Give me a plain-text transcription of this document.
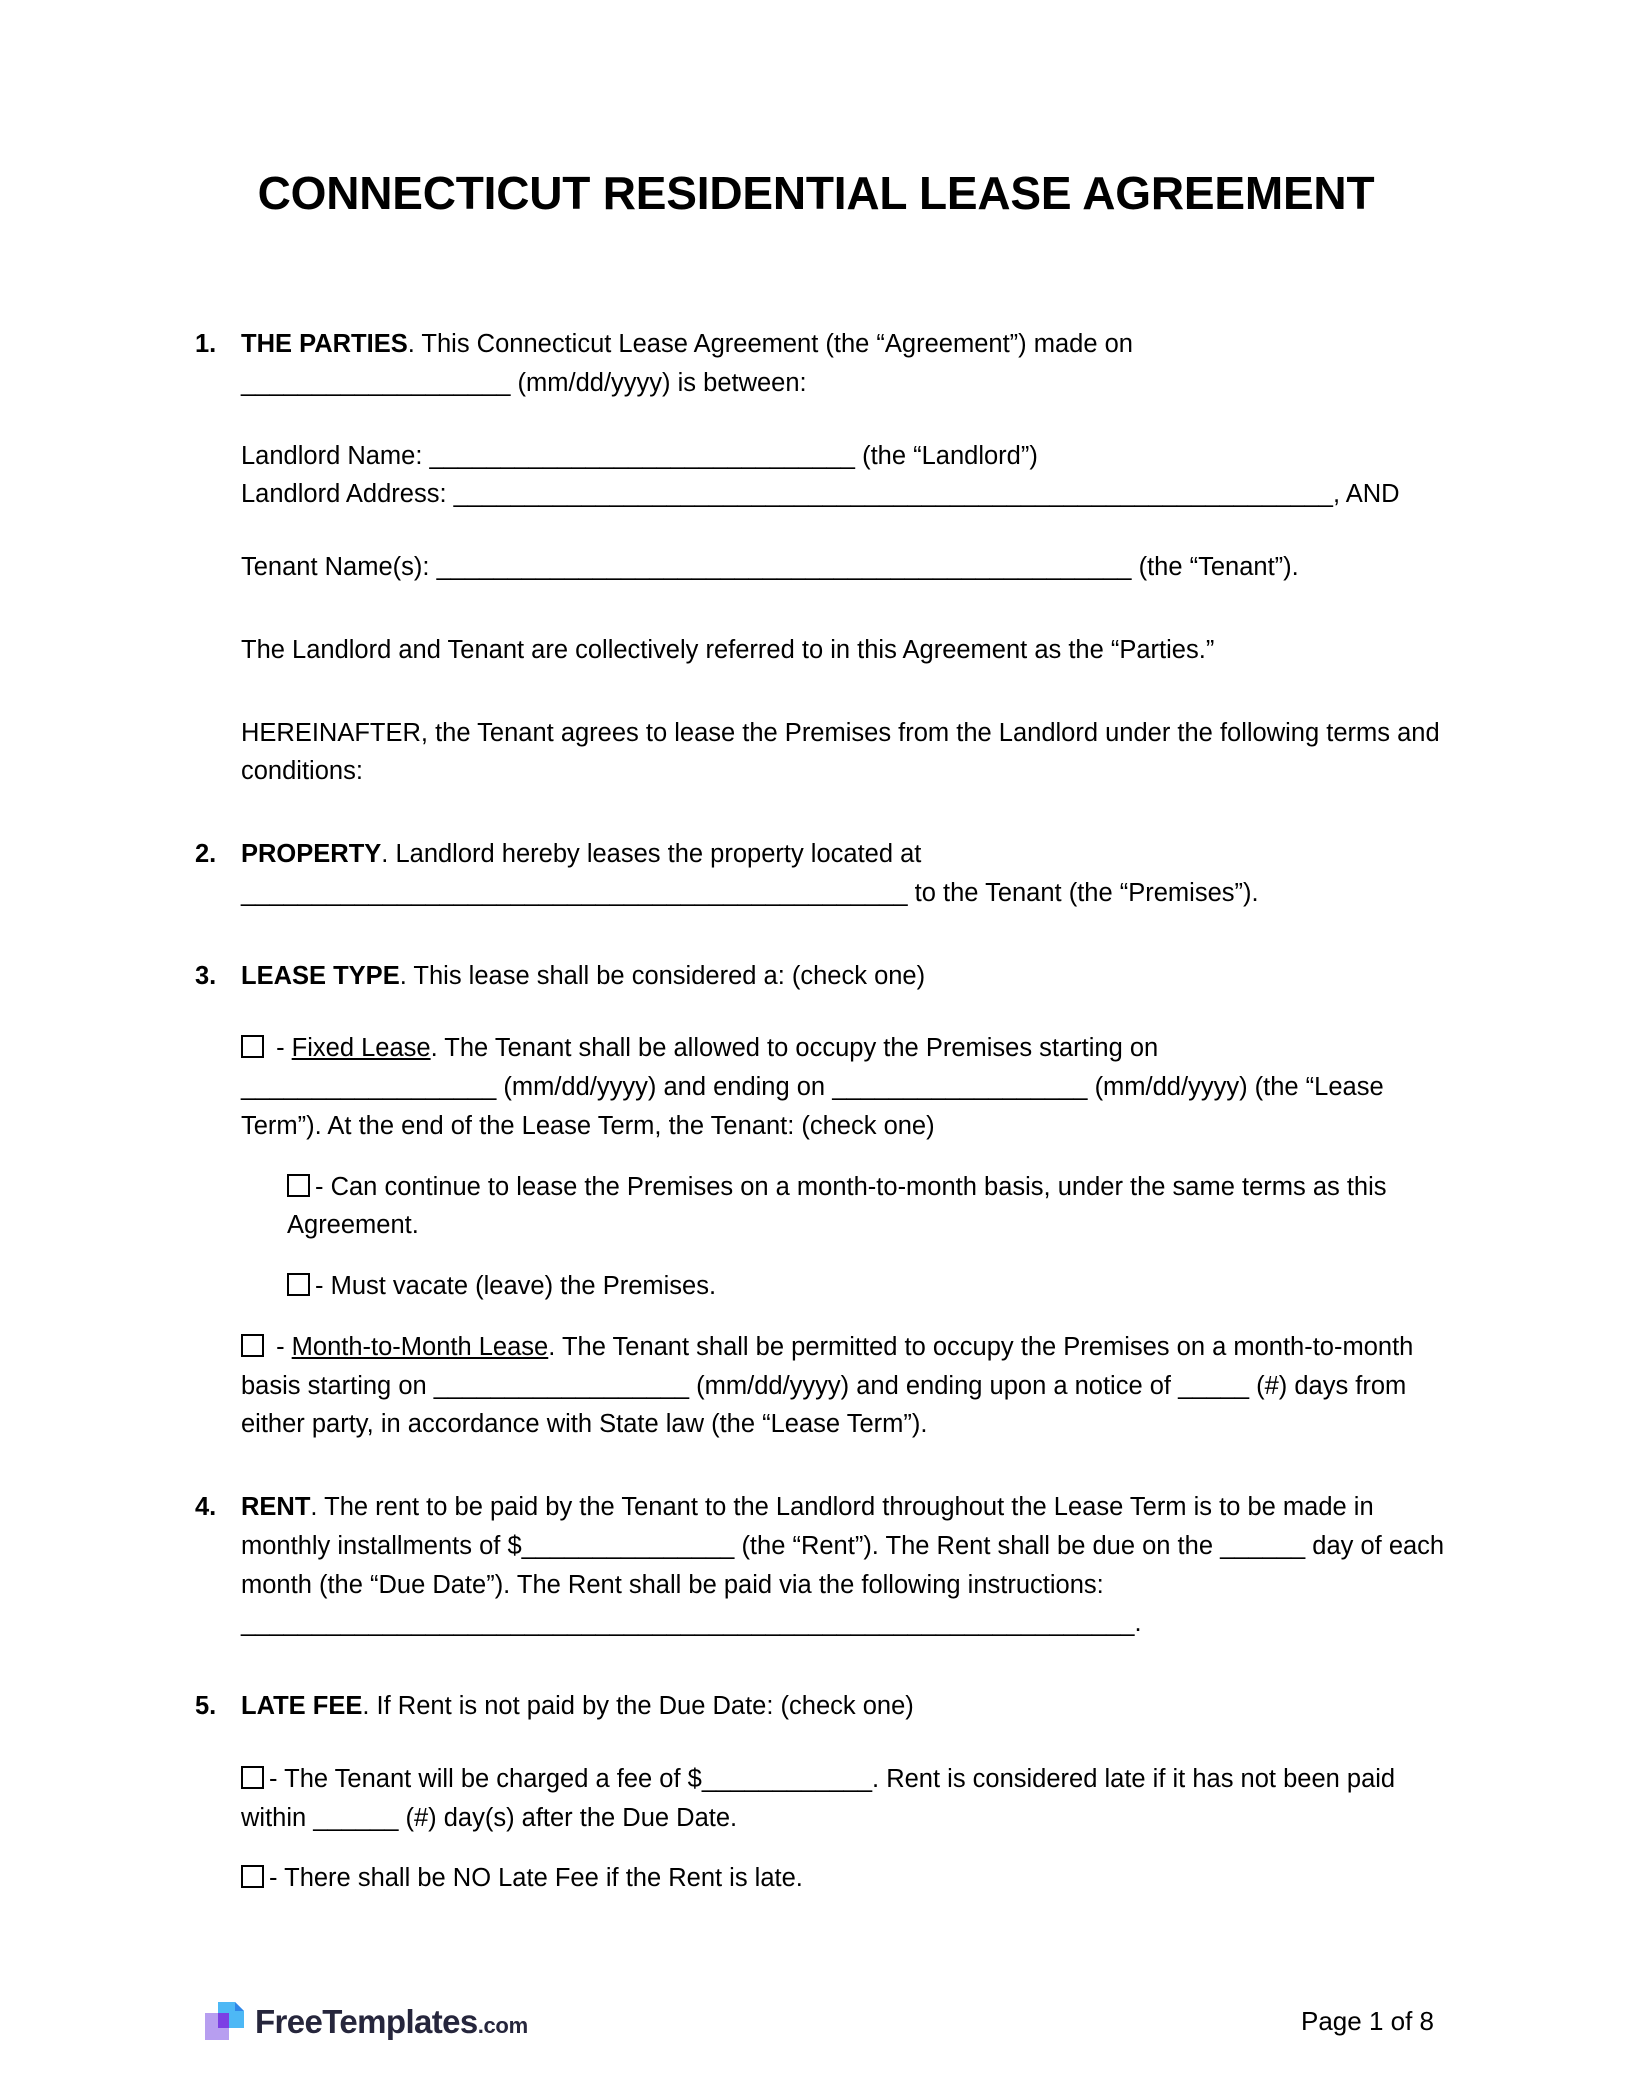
CONNECTICUT RESIDENTIAL LEASE AGREEMENT
1. THE PARTIES. This Connecticut Lease Agreement (the “Agreement”) made on
___________________ (mm/dd/yyyy) is between:
Landlord Name: ______________________________ (the “Landlord”)
Landlord Address: ______________________________________________________________, AND
Tenant Name(s): _________________________________________________ (the “Tenant”).
The Landlord and Tenant are collectively referred to in this Agreement as the “Parties.”
HEREINAFTER, the Tenant agrees to lease the Premises from the Landlord under the following terms and conditions:
2. PROPERTY. Landlord hereby leases the property located at
_______________________________________________ to the Tenant (the “Premises”).
3. LEASE TYPE. This lease shall be considered a: (check one)
- Fixed Lease. The Tenant shall be allowed to occupy the Premises starting on
__________________ (mm/dd/yyyy) and ending on __________________ (mm/dd/yyyy) (the “Lease Term”). At the end of the Lease Term, the Tenant: (check one)
- Can continue to lease the Premises on a month-to-month basis, under the same terms as this Agreement.
- Must vacate (leave) the Premises.
- Month-to-Month Lease. The Tenant shall be permitted to occupy the Premises on a month-to-month basis starting on __________________ (mm/dd/yyyy) and ending upon a notice of _____ (#) days from either party, in accordance with State law (the “Lease Term”).
4. RENT. The rent to be paid by the Tenant to the Landlord throughout the Lease Term is to be made in monthly installments of $_______________ (the “Rent”). The Rent shall be due on the ______ day of each month (the “Due Date”). The Rent shall be paid via the following instructions: _______________________________________________________________.
5. LATE FEE. If Rent is not paid by the Due Date: (check one)
- The Tenant will be charged a fee of $____________. Rent is considered late if it has not been paid within ______ (#) day(s) after the Due Date.
- There shall be NO Late Fee if the Rent is late.
FreeTemplates.com	Page 1 of 8
